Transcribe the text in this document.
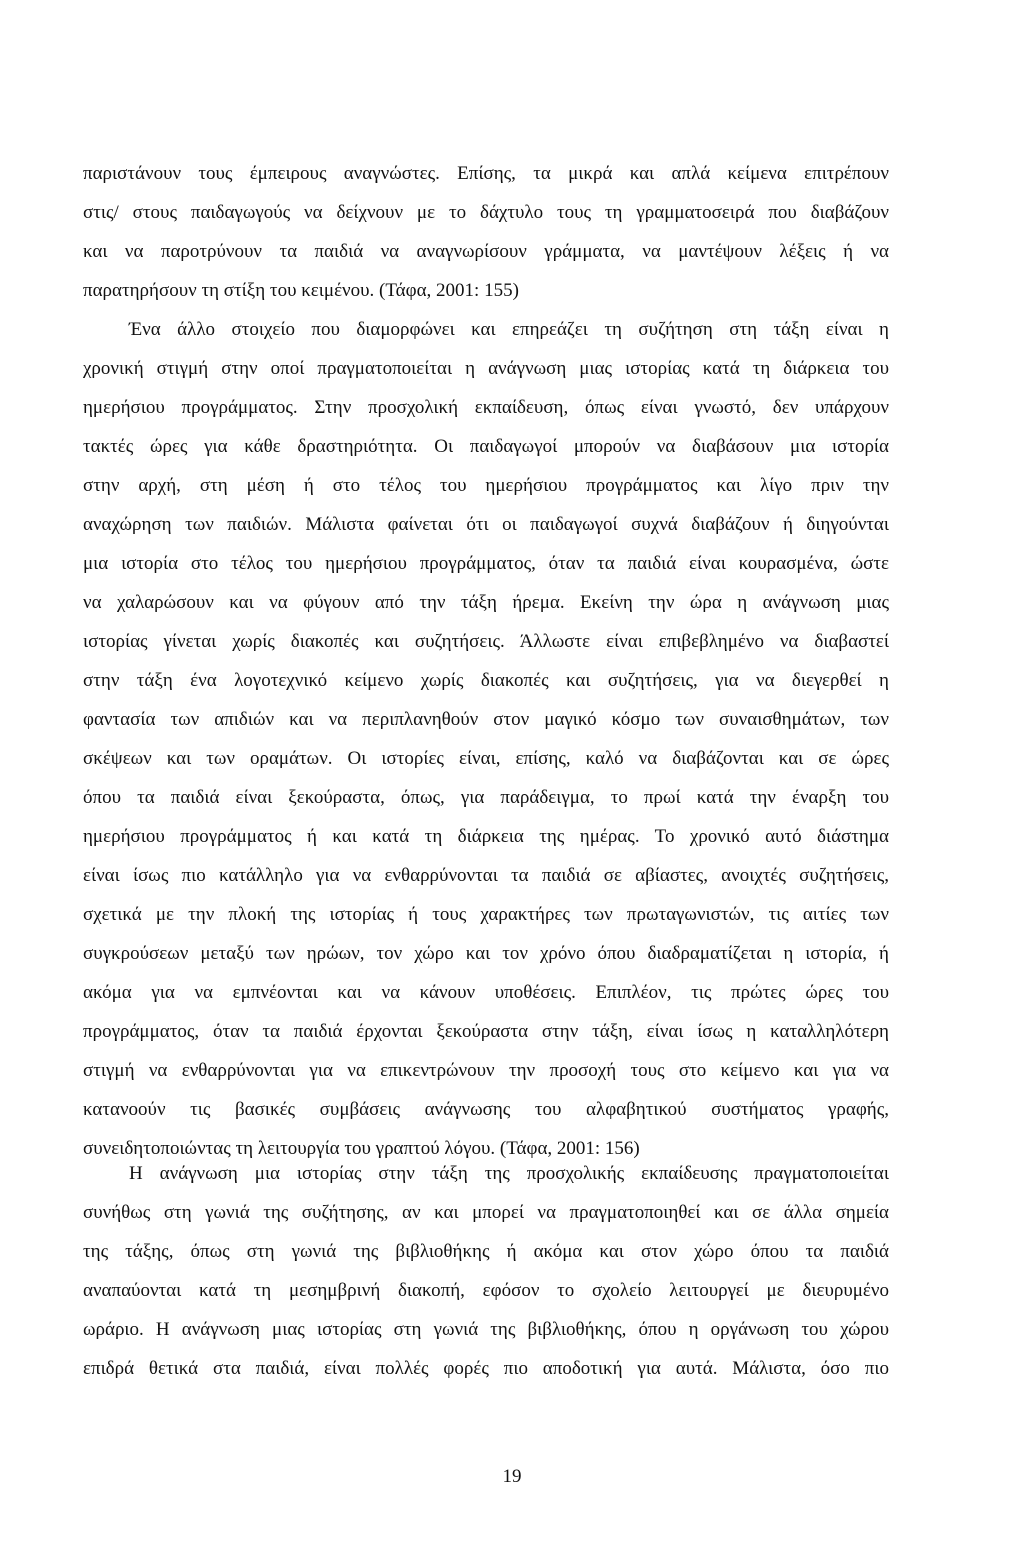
παριστάνουν τους έμπειρους αναγνώστες. Επίσης, τα μικρά και απλά κείμενα επιτρέπουν
στις/ στους παιδαγωγούς να δείχνουν με το δάχτυλο τους τη γραμματοσειρά που διαβάζουν
και να παροτρύνουν τα παιδιά να αναγνωρίσουν γράμματα, να μαντέψουν λέξεις ή να
παρατηρήσουν τη στίξη του κειμένου. (Τάφα, 2001: 155)
Ένα άλλο στοιχείο που διαμορφώνει και επηρεάζει τη συζήτηση στη τάξη είναι η
χρονική στιγμή στην οποί πραγματοποιείται η ανάγνωση μιας ιστορίας κατά τη διάρκεια του
ημερήσιου προγράμματος. Στην προσχολική εκπαίδευση, όπως είναι γνωστό, δεν υπάρχουν
τακτές ώρες για κάθε δραστηριότητα. Οι παιδαγωγοί μπορούν να διαβάσουν μια ιστορία
στην αρχή, στη μέση ή στο τέλος του ημερήσιου προγράμματος και λίγο πριν την
αναχώρηση των παιδιών. Μάλιστα φαίνεται ότι οι παιδαγωγοί συχνά διαβάζουν ή διηγούνται
μια ιστορία στο τέλος του ημερήσιου προγράμματος, όταν τα παιδιά είναι κουρασμένα, ώστε
να χαλαρώσουν και να φύγουν από την τάξη ήρεμα. Εκείνη την ώρα η ανάγνωση μιας
ιστορίας γίνεται χωρίς διακοπές και συζητήσεις. Άλλωστε είναι επιβεβλημένο να διαβαστεί
στην τάξη ένα λογοτεχνικό κείμενο χωρίς διακοπές και συζητήσεις, για να διεγερθεί η
φαντασία των απιδιών και να περιπλανηθούν στον μαγικό κόσμο των συναισθημάτων, των
σκέψεων και των οραμάτων. Οι ιστορίες είναι, επίσης, καλό να διαβάζονται και σε ώρες
όπου τα παιδιά είναι ξεκούραστα, όπως, για παράδειγμα, το πρωί κατά την έναρξη του
ημερήσιου προγράμματος ή και κατά τη διάρκεια της ημέρας. Το χρονικό αυτό διάστημα
είναι ίσως πιο κατάλληλο για να ενθαρρύνονται τα παιδιά σε αβίαστες, ανοιχτές συζητήσεις,
σχετικά με την πλοκή της ιστορίας ή τους χαρακτήρες των πρωταγωνιστών, τις αιτίες των
συγκρούσεων μεταξύ των ηρώων, τον χώρο και τον χρόνο όπου διαδραματίζεται η ιστορία, ή
ακόμα για να εμπνέονται και να κάνουν υποθέσεις. Επιπλέον, τις πρώτες ώρες του
προγράμματος, όταν τα παιδιά έρχονται ξεκούραστα στην τάξη, είναι ίσως η καταλληλότερη
στιγμή να ενθαρρύνονται για να επικεντρώνουν την προσοχή τους στο κείμενο και για να
κατανοούν τις βασικές συμβάσεις ανάγνωσης του αλφαβητικού συστήματος γραφής,
συνειδητοποιώντας τη λειτουργία του γραπτού λόγου. (Τάφα, 2001: 156)
Η ανάγνωση μια ιστορίας στην τάξη της προσχολικής εκπαίδευσης πραγματοποιείται
συνήθως στη γωνιά της συζήτησης, αν και μπορεί να πραγματοποιηθεί και σε άλλα σημεία
της τάξης, όπως στη γωνιά της βιβλιοθήκης ή ακόμα και στον χώρο όπου τα παιδιά
αναπαύονται κατά τη μεσημβρινή διακοπή, εφόσον το σχολείο λειτουργεί με διευρυμένο
ωράριο. Η ανάγνωση μιας ιστορίας στη γωνιά της βιβλιοθήκης, όπου η οργάνωση του χώρου
επιδρά θετικά στα παιδιά, είναι πολλές φορές πιο αποδοτική για αυτά. Μάλιστα, όσο πιο
19
